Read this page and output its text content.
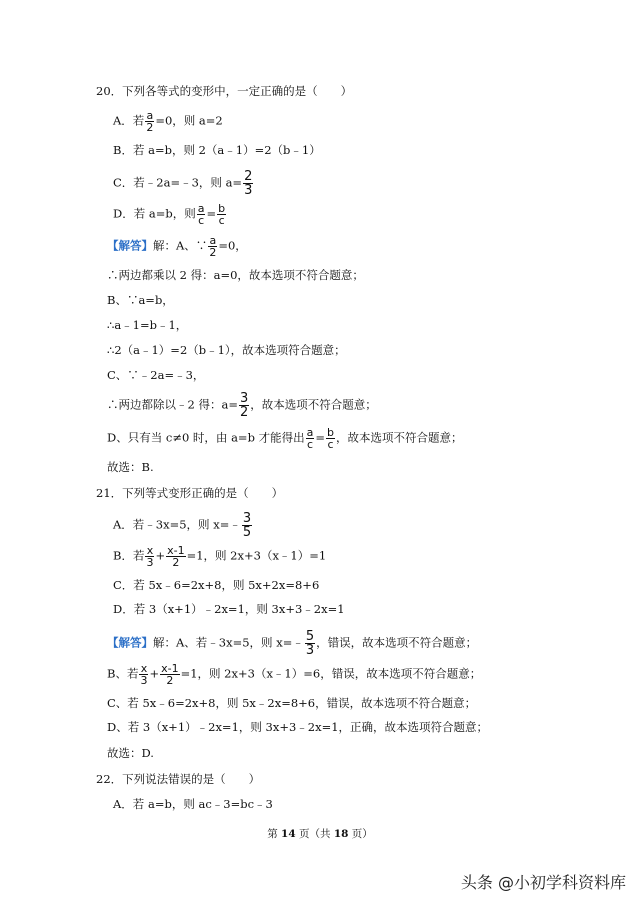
20．下列各等式的变形中，一定正确的是（　　）
A．若 $\frac{a}{2} =0$，则 a=2
B．若 a=b，则 2（a﹣1）=2（b﹣1）
C．若﹣2a=﹣3，则 $a= \frac{2}{3}$
D．若 a=b，则 $\frac{a}{c} = \frac{b}{c}$
【解答】解：A、∵ $\frac{a}{2} =0$，
∴两边都乘以 2 得：a=0，故本选项不符合题意；
B、∵a=b，
∴a﹣1=b﹣1，
∴2（a﹣1）=2（b﹣1），故本选项符合题意；
C、∵﹣2a=﹣3，
∴两边都除以﹣2 得：$a= \frac{3}{2}$ ，故本选项不符合题意；
D、只有当 c≠0 时，由 a=b 才能得出 $\frac{a}{c} = \frac{b}{c}$ ，故本选项不符合题意；
故选：B.
21．下列等式变形正确的是（　　）
A．若﹣3x=5，则 x=﹣ $\frac{3}{5}$
B．若 $\frac{x}{3} + \frac{x-1}{2} =1$，则 2x+3（x﹣1）=1
C．若 5x﹣6=2x+8，则 5x+2x=8+6
D．若 3（x+1）﹣2x=1，则 3x+3﹣2x=1
【解答】解：A、若﹣3x=5，则 x=﹣ $\frac{5}{3}$ ，错误，故本选项不符合题意；
B、若 $\frac{x}{3} + \frac{x-1}{2} =1$，则 2x+3（x﹣1）=6，错误，故本选项不符合题意；
C、若 5x﹣6=2x+8，则 5x﹣2x=8+6，错误，故本选项不符合题意；
D、若 3（x+1）﹣2x=1，则 3x+3﹣2x=1，正确，故本选项符合题意；
故选：D.
22．下列说法错误的是（　　）
A．若 a=b，则 ac﹣3=bc﹣3
第 14 页（共 18 页）
头条 @小初学科资料库
